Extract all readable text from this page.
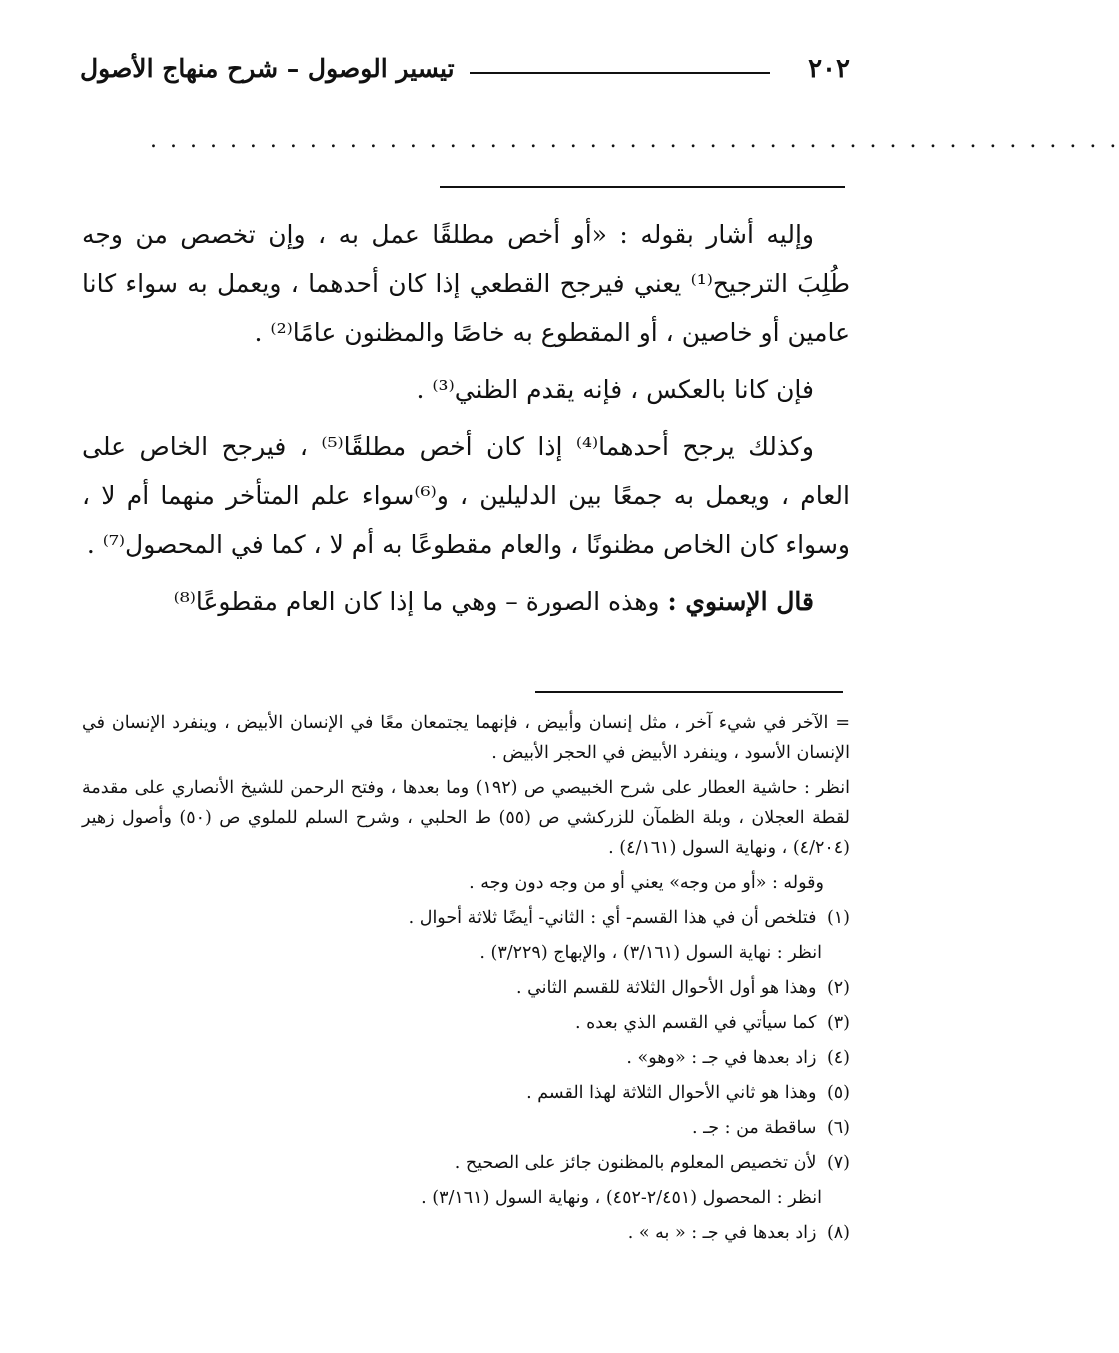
٢٠٢
تيسير الوصول – شرح منهاج الأصول
. . . . . . . . . . . . . . . . . . . . . . . . . . . . . . . . . . . . . . . . . . . . . . . . .

وإليه أشار بقوله : «أو أخص مطلقًا عمل به ، وإن تخصص من وجه طُلِبَ الترجيح⁽¹⁾ يعني فيرجح القطعي إذا كان أحدهما ، ويعمل به سواء كانا عامين أو خاصين ، أو المقطوع به خاصًا والمظنون عامًا⁽²⁾ .

فإن كانا بالعكس ، فإنه يقدم الظني⁽³⁾ .

وكذلك يرجح أحدهما⁽⁴⁾ إذا كان أخص مطلقًا⁽⁵⁾ ، فيرجح الخاص على العام ، ويعمل به جمعًا بين الدليلين ، و⁽⁶⁾سواء علم المتأخر منهما أم لا ، وسواء كان الخاص مظنونًا ، والعام مقطوعًا به أم لا ، كما في المحصول⁽⁷⁾ .

قال الإسنوي : وهذه الصورة – وهي ما إذا كان العام مقطوعًا⁽⁸⁾

= الآخر في شيء آخر ، مثل إنسان وأبيض ، فإنهما يجتمعان معًا في الإنسان الأبيض ، وينفرد الإنسان في الإنسان الأسود ، وينفرد الأبيض في الحجر الأبيض .

انظر : حاشية العطار على شرح الخبيصي ص (١٩٢) وما بعدها ، وفتح الرحمن للشيخ الأنصاري على مقدمة لقطة العجلان ، وبلة الظمآن للزركشي ص (٥٥) ط الحلبي ، وشرح السلم للملوي ص (٥٠) وأصول زهير (٤/٢٠٤) ، ونهاية السول (٤/١٦١) .

وقوله : «أو من وجه» يعني أو من وجه دون وجه .

(١) فتلخص أن في هذا القسم- أي : الثاني- أيضًا ثلاثة أحوال .
انظر : نهاية السول (٣/١٦١) ، والإبهاج (٣/٢٢٩) .
(٢) وهذا هو أول الأحوال الثلاثة للقسم الثاني .
(٣) كما سيأتي في القسم الذي بعده .
(٤) زاد بعدها في جـ : «وهو» .
(٥) وهذا هو ثاني الأحوال الثلاثة لهذا القسم .
(٦) ساقطة من : جـ .
(٧) لأن تخصيص المعلوم بالمظنون جائز على الصحيح .
انظر : المحصول (٢/٤٥١-٤٥٢) ، ونهاية السول (٣/١٦١) .
(٨) زاد بعدها في جـ : « به » .
